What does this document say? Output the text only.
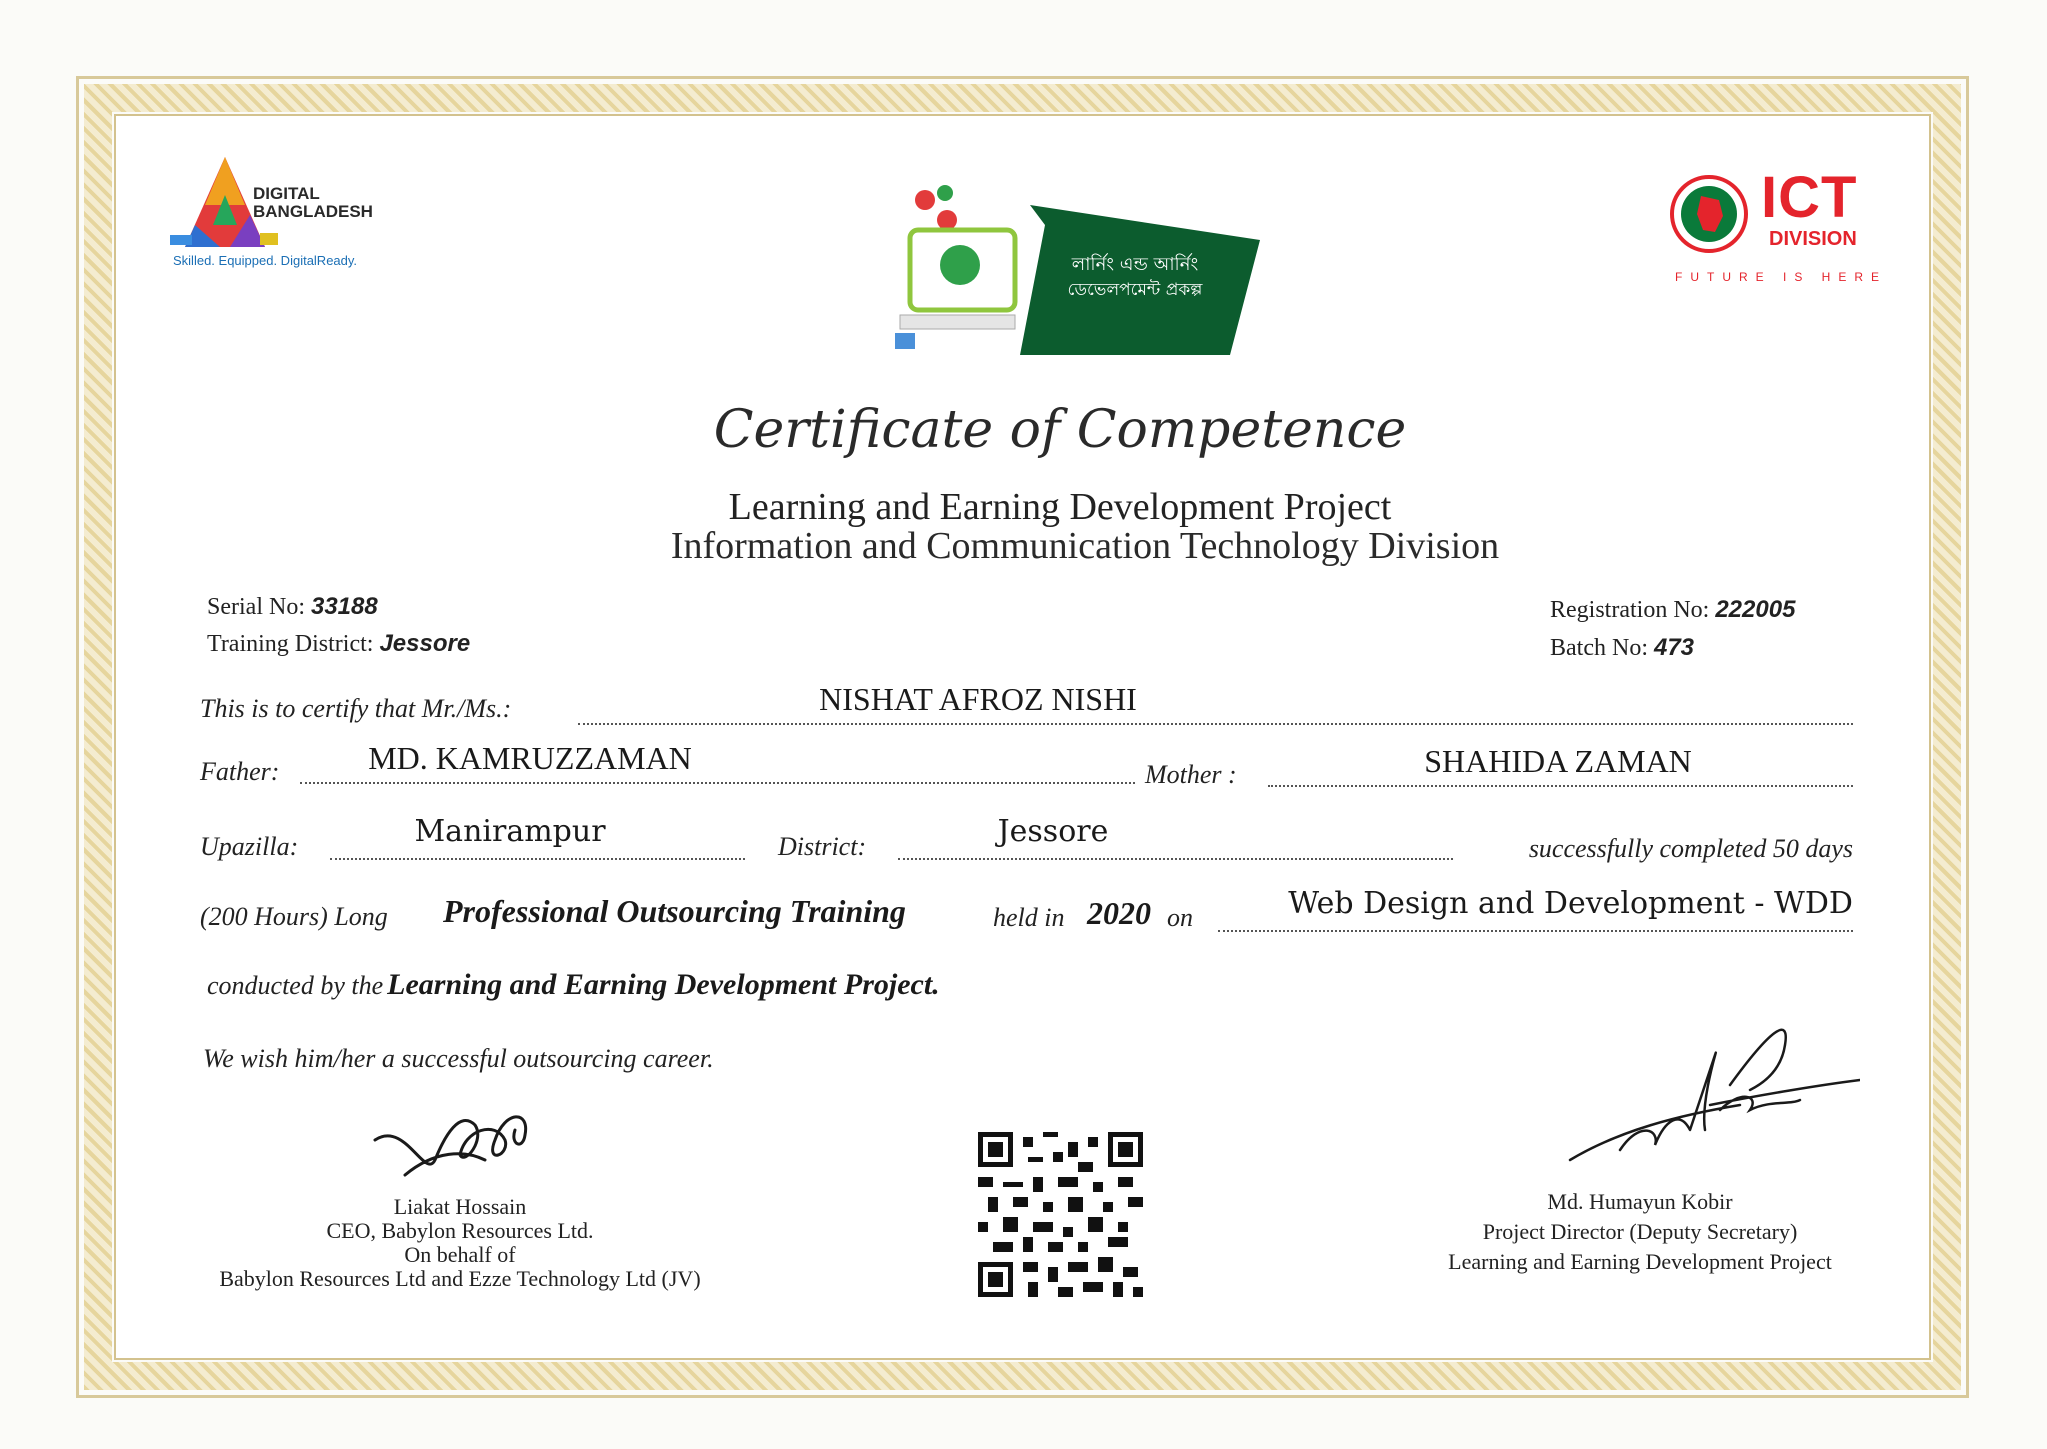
DIGITAL
BANGLADESH
Skilled. Equipped. DigitalReady.	লার্নিং এন্ড আর্নিং
ডেভেলপমেন্ট প্রকল্প
ICT
DIVISION
FUTURE IS HERE
Certificate of Competence
Learning and Earning Development Project
Information and Communication Technology Division
Serial No: 33188
Training District: Jessore
Registration No: 222005
Batch No: 473
This is to certify that Mr./Ms.:	NISHAT AFROZ NISHI
Father:	MD. KAMRUZZAMAN	Mother :	SHAHIDA ZAMAN
Upazilla:	Manirampur	District:	Jessore	successfully completed 50 days
(200 Hours) Long Professional Outsourcing Training	held in 2020 on	Web Design and Development - WDD
conducted by the Learning and Earning Development Project.
We wish him/her a successful outsourcing career.
Liakat Hossain
CEO, Babylon Resources Ltd.
On behalf of
Babylon Resources Ltd and Ezze Technology Ltd (JV)
Md. Humayun Kobir
Project Director (Deputy Secretary)
Learning and Earning Development Project
